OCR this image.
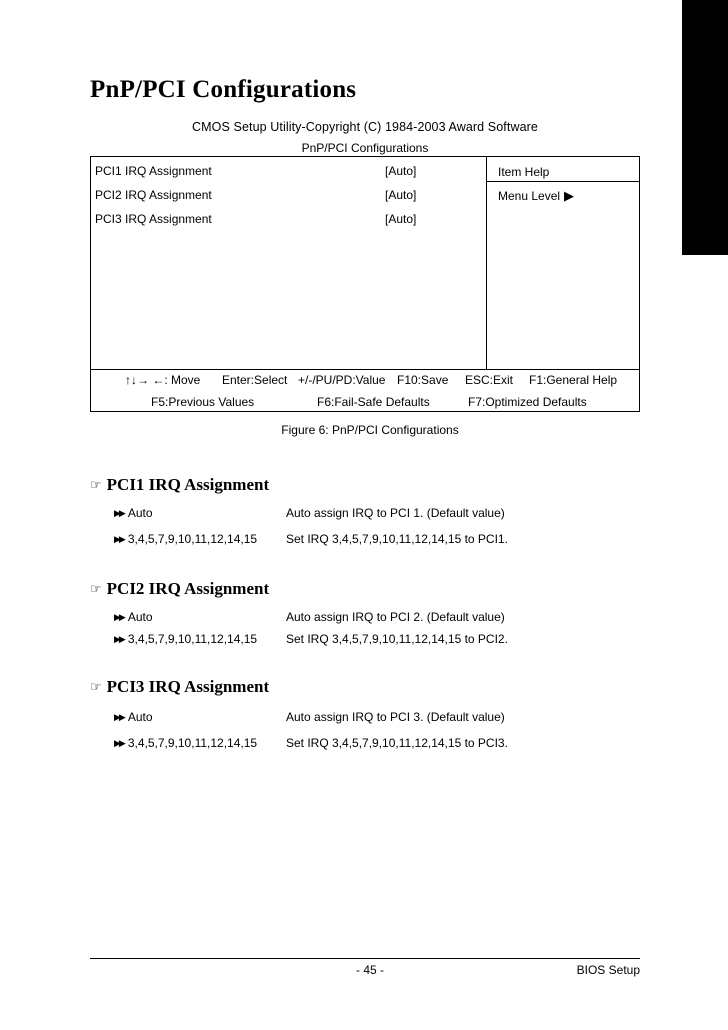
PnP/PCI Configurations
CMOS Setup Utility-Copyright (C) 1984-2003 Award Software
PnP/PCI Configurations
PCI1 IRQ Assignment	[Auto]
PCI2 IRQ Assignment	[Auto]
PCI3 IRQ Assignment	[Auto]
Item Help
Menu Level ▶
↑↓→ ←: Move Enter:Select +/-/PU/PD:Value F10:Save ESC:Exit F1:General Help
F5:Previous Values	F6:Fail-Safe Defaults	F7:Optimized Defaults
Figure 6: PnP/PCI Configurations
☞ PCI1 IRQ Assignment
▶▶ Auto	Auto assign IRQ to PCI 1. (Default value)
▶▶ 3,4,5,7,9,10,11,12,14,15 Set IRQ 3,4,5,7,9,10,11,12,14,15 to PCI1.
☞ PCI2 IRQ Assignment
▶▶ Auto	Auto assign IRQ to PCI 2. (Default value)
▶▶ 3,4,5,7,9,10,11,12,14,15 Set IRQ 3,4,5,7,9,10,11,12,14,15 to PCI2.
☞ PCI3 IRQ Assignment
▶▶ Auto	Auto assign IRQ to PCI 3. (Default value)
▶▶ 3,4,5,7,9,10,11,12,14,15 Set IRQ 3,4,5,7,9,10,11,12,14,15 to PCI3.
- 45 -	BIOS Setup
